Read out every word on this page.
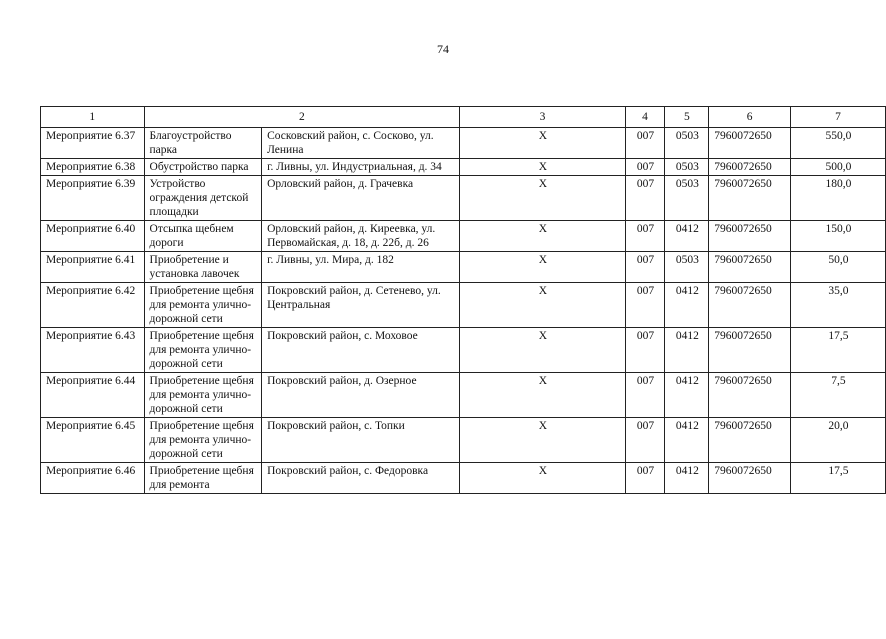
74
1	2		3	4	5	6	7
Мероприятие 6.37	Благоустройство парка	Сосковский район, с. Сосково, ул. Ленина	Х	007	0503	7960072650	550,0
Мероприятие 6.38	Обустройство парка	г. Ливны, ул. Индустриальная, д. 34	Х	007	0503	7960072650	500,0
Мероприятие 6.39	Устройство ограждения детской площадки	Орловский район, д. Грачевка	Х	007	0503	7960072650	180,0
Мероприятие 6.40	Отсыпка щебнем дороги	Орловский район, д. Киреевка, ул. Первомайская, д. 18, д. 22б, д. 26	Х	007	0412	7960072650	150,0
Мероприятие 6.41	Приобретение и установка лавочек	г. Ливны, ул. Мира, д. 182	Х	007	0503	7960072650	50,0
Мероприятие 6.42	Приобретение щебня для ремонта улично-дорожной сети	Покровский район, д. Сетенево, ул. Центральная	Х	007	0412	7960072650	35,0
Мероприятие 6.43	Приобретение щебня для ремонта улично-дорожной сети	Покровский район, с. Моховое	Х	007	0412	7960072650	17,5
Мероприятие 6.44	Приобретение щебня для ремонта улично-дорожной сети	Покровский район, д. Озерное	Х	007	0412	7960072650	7,5
Мероприятие 6.45	Приобретение щебня для ремонта улично-дорожной сети	Покровский район, с. Топки	Х	007	0412	7960072650	20,0
Мероприятие 6.46	Приобретение щебня для ремонта	Покровский район, с. Федоровка	Х	007	0412	7960072650	17,5
